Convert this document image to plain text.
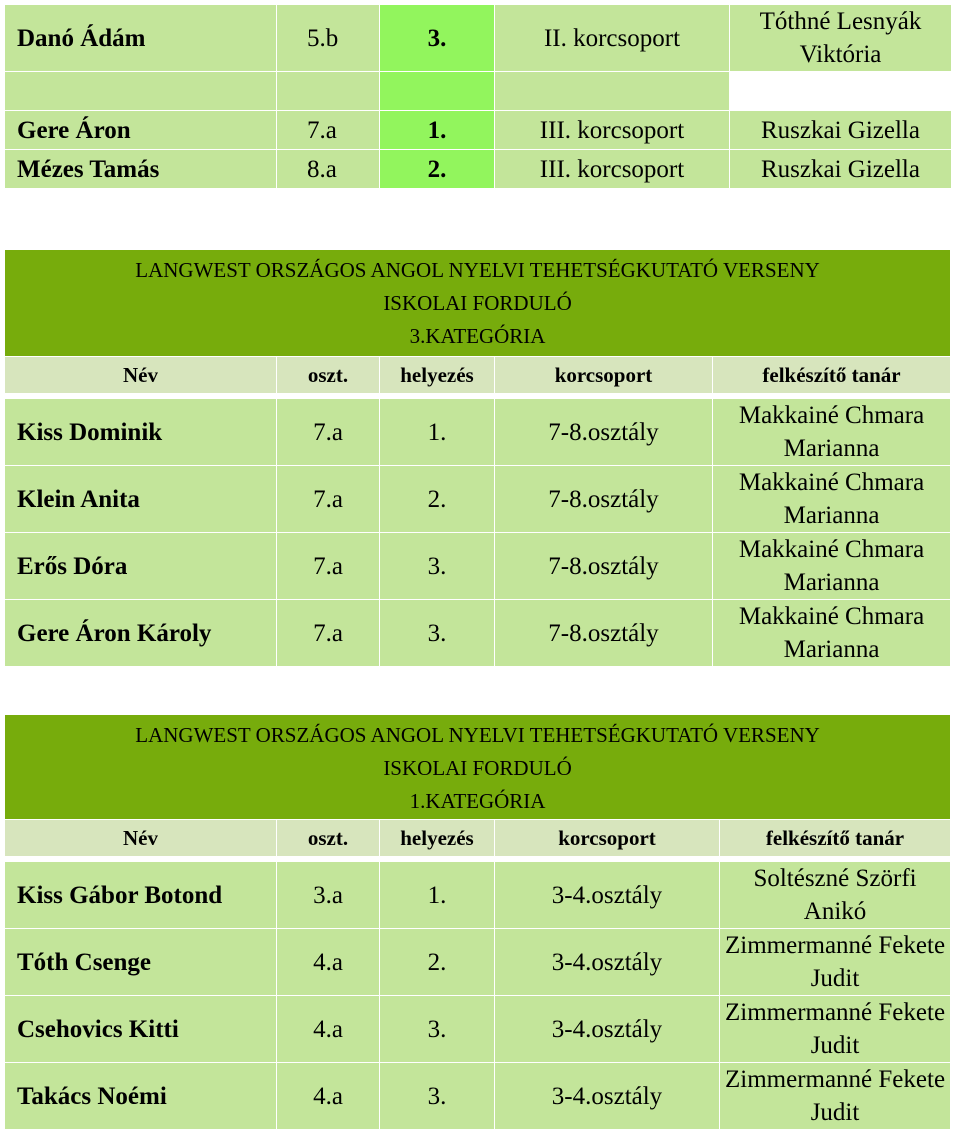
Danó Ádám	5.b	3.	II. korcsoport	Tóthné Lesnyák Viktória

Gere Áron	7.a	1.	III. korcsoport	Ruszkai Gizella
Mézes Tamás	8.a	2.	III. korcsoport	Ruszkai Gizella
LANGWEST ORSZÁGOS ANGOL NYELVI TEHETSÉGKUTATÓ VERSENY
ISKOLAI FORDULÓ
3.KATEGÓRIA				

Név	oszt.	helyezés	korcsoport	felkészítő tanár

Kiss Dominik	7.a	1.	7-8.osztály	Makkainé Chmara Marianna
Klein Anita	7.a	2.	7-8.osztály	Makkainé Chmara Marianna
Erős Dóra	7.a	3.	7-8.osztály	Makkainé Chmara Marianna
Gere Áron Károly	7.a	3.	7-8.osztály	Makkainé Chmara Marianna
LANGWEST ORSZÁGOS ANGOL NYELVI TEHETSÉGKUTATÓ VERSENY
ISKOLAI FORDULÓ
1.KATEGÓRIA				

Név	oszt.	helyezés	korcsoport	felkészítő tanár

Kiss Gábor Botond	3.a	1.	3-4.osztály	Soltészné Szörfi Anikó
Tóth Csenge	4.a	2.	3-4.osztály	Zimmermanné Fekete Judit
Csehovics Kitti	4.a	3.	3-4.osztály	Zimmermanné Fekete Judit
Takács Noémi	4.a	3.	3-4.osztály	Zimmermanné Fekete Judit
